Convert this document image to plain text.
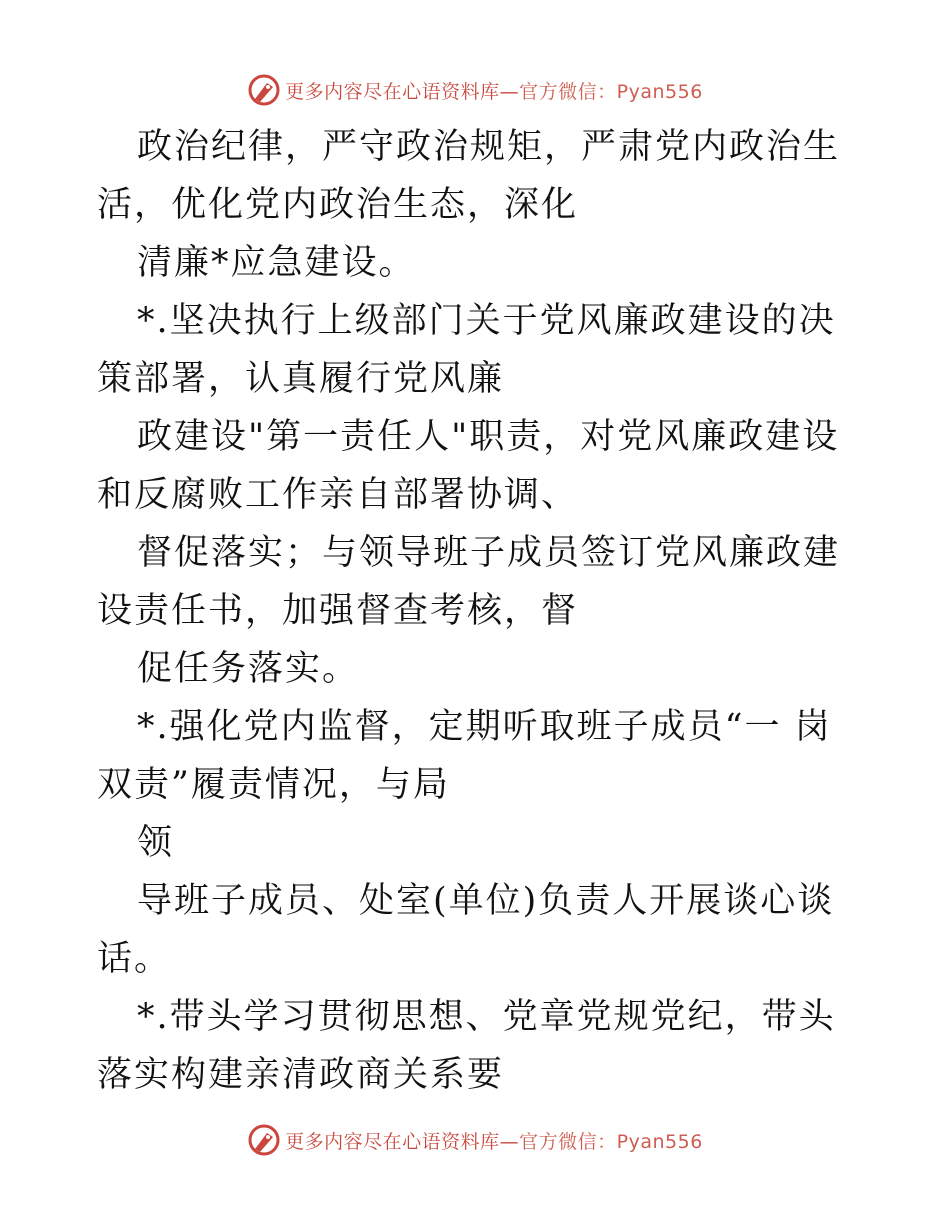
更多内容尽在心语资料库—官方微信：Pyan556

政治纪律，严守政治规矩，严肃党内政治生活，优化党内政治生态，深化

清廉*应急建设。

*.坚决执行上级部门关于党风廉政建设的决策部署，认真履行党风廉

政建设"第一责任人"职责，对党风廉政建设和反腐败工作亲自部署协调、

督促落实；与领导班子成员签订党风廉政建设责任书，加强督查考核，督

促任务落实。

*.强化党内监督，定期听取班子成员“一 岗双责”履责情况，与局

领

导班子成员、处室(单位)负责人开展谈心谈话。

*.带头学习贯彻思想、党章党规党纪，带头落实构建亲清政商关系要

更多内容尽在心语资料库—官方微信：Pyan556
